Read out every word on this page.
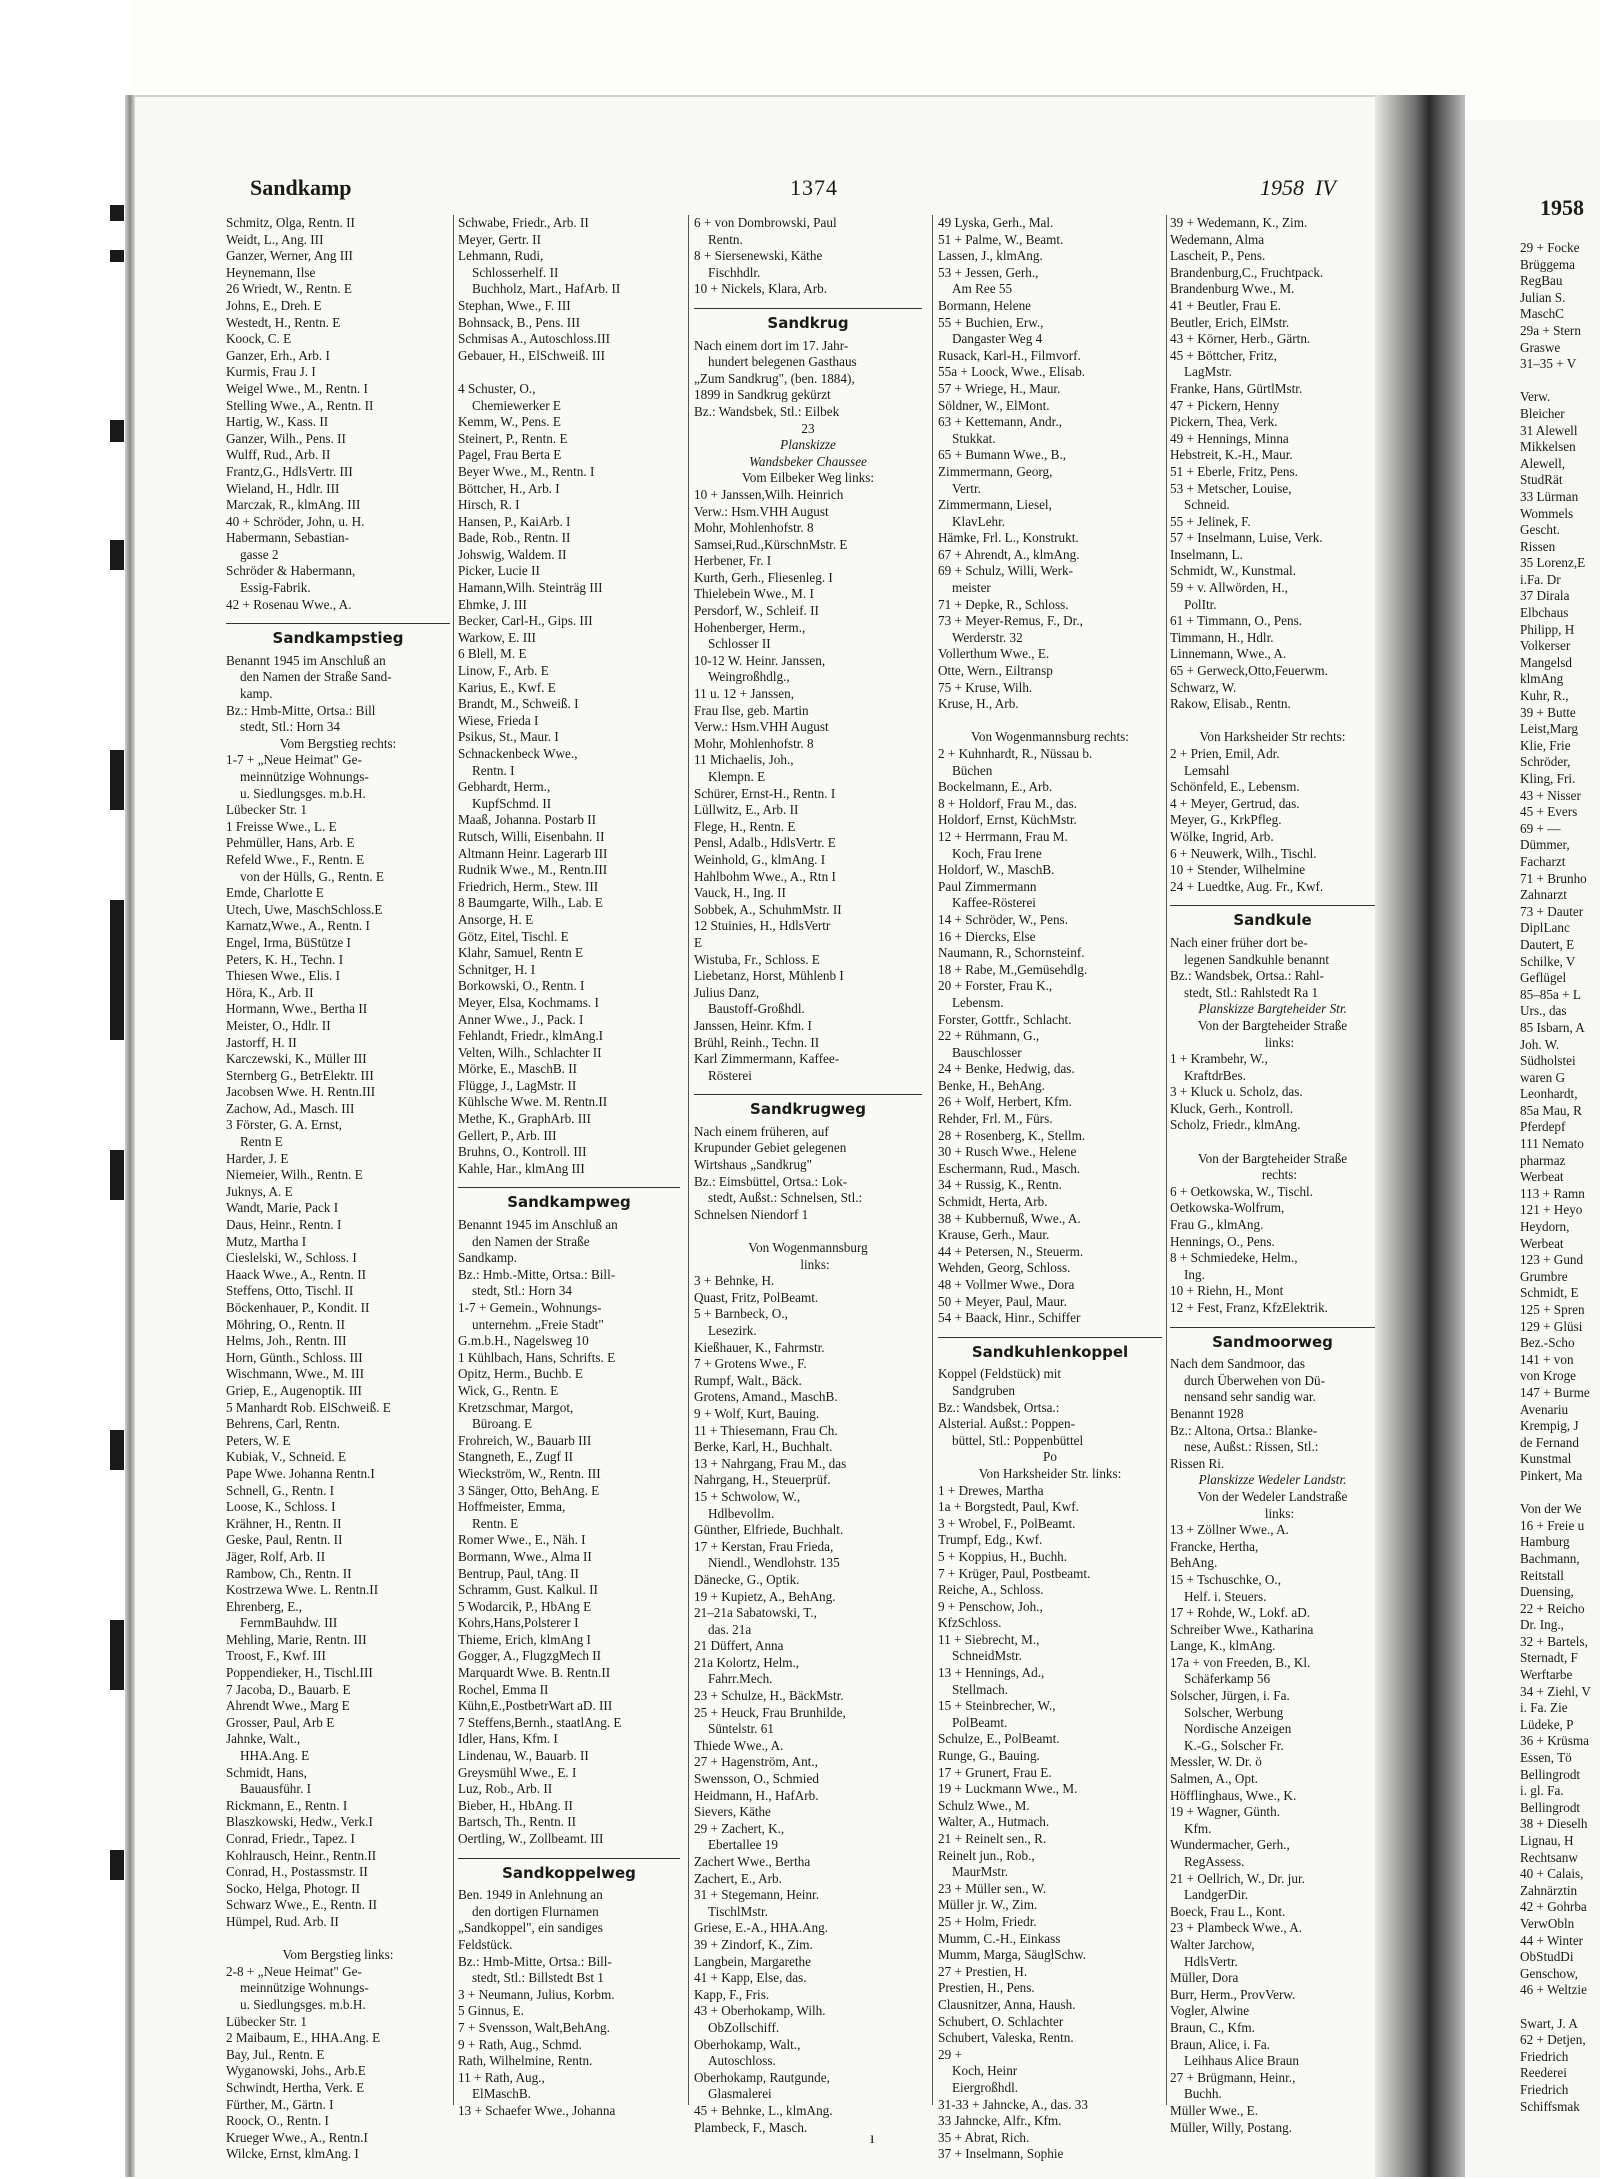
Sandkamp	1374	1958 IV
Schmitz, Olga, Rentn. II
Weidt, L., Ang. III
Ganzer, Werner, Ang III
Heynemann, Ilse
26 Wriedt, W., Rentn. E
Johns, E., Dreh. E
Westedt, H., Rentn. E
Koock, C. E
Ganzer, Erh., Arb. I
Kurmis, Frau J. I
Weigel Wwe., M., Rentn. I
Stelling Wwe., A., Rentn. II
Hartig, W., Kass. II
Ganzer, Wilh., Pens. II
Wulff, Rud., Arb. II
Frantz,G., HdlsVertr. III
Wieland, H., Hdlr. III
Marczak, R., klmAng. III
40 + Schröder, John, u. H.
Habermann, Sebastian-
gasse 2
Schröder & Habermann,
Essig-Fabrik.
42 + Rosenau Wwe., A.
Sandkampstieg
Benannt 1945 im Anschluß an
den Namen der Straße Sand-
kamp.
Bz.: Hmb-Mitte, Ortsa.: Bill
stedt, Stl.: Horn 34
Vom Bergstieg rechts:
1-7 + „Neue Heimat" Ge-
meinnützige Wohnungs-
u. Siedlungsges. m.b.H.
Lübecker Str. 1
1 Freisse Wwe., L. E
Pehmüller, Hans, Arb. E
Refeld Wwe., F., Rentn. E
von der Hülls, G., Rentn. E
Emde, Charlotte E
Utech, Uwe, MaschSchloss.E
Karnatz,Wwe., A., Rentn. I
Engel, Irma, BüStütze I
Peters, K. H., Techn. I
Thiesen Wwe., Elis. I
Höra, K., Arb. II
Hormann, Wwe., Bertha II
Meister, O., Hdlr. II
Jastorff, H. II
Karczewski, K., Müller III
Sternberg G., BetrElektr. III
Jacobsen Wwe. H. Rentn.III
Zachow, Ad., Masch. III
3 Förster, G. A. Ernst,
Rentn E
Harder, J. E
Niemeier, Wilh., Rentn. E
Juknys, A. E
Wandt, Marie, Pack I
Daus, Heinr., Rentn. I
Mutz, Martha I
Cieslelski, W., Schloss. I
Haack Wwe., A., Rentn. II
Steffens, Otto, Tischl. II
Böckenhauer, P., Kondit. II
Möhring, O., Rentn. II
Helms, Joh., Rentn. III
Horn, Günth., Schloss. III
Wischmann, Wwe., M. III
Griep, E., Augenoptik. III
5 Manhardt Rob. ElSchweiß. E
Behrens, Carl, Rentn.
Peters, W. E
Kubiak, V., Schneid. E
Pape Wwe. Johanna Rentn.I
Schnell, G., Rentn. I
Loose, K., Schloss. I
Krähner, H., Rentn. II
Geske, Paul, Rentn. II
Jäger, Rolf, Arb. II
Rambow, Ch., Rentn. II
Kostrzewa Wwe. L. Rentn.II
Ehrenberg, E.,
FernmBauhdw. III
Mehling, Marie, Rentn. III
Troost, F., Kwf. III
Poppendieker, H., Tischl.III
7 Jacoba, D., Bauarb. E
Ahrendt Wwe., Marg E
Grosser, Paul, Arb E
Jahnke, Walt.,
HHA.Ang. E
Schmidt, Hans,
Bauausführ. I
Rickmann, E., Rentn. I
Blaszkowski, Hedw., Verk.I
Conrad, Friedr., Tapez. I
Kohlrausch, Heinr., Rentn.II
Conrad, H., Postassmstr. II
Socko, Helga, Photogr. II
Schwarz Wwe., E., Rentn. II
Hümpel, Rud. Arb. II

Vom Bergstieg links:
2-8 + „Neue Heimat" Ge-
meinnützige Wohnungs-
u. Siedlungsges. m.b.H.
Lübecker Str. 1
2 Maibaum, E., HHA.Ang. E
Bay, Jul., Rentn. E
Wyganowski, Johs., Arb.E
Schwindt, Hertha, Verk. E
Fürther, M., Gärtn. I
Roock, O., Rentn. I
Krueger Wwe., A., Rentn.I
Wilcke, Ernst, klmAng. I
Schwabe, Friedr., Arb. II
Meyer, Gertr. II
Lehmann, Rudi,
Schlosserhelf. II
Buchholz, Mart., HafArb. II
Stephan, Wwe., F. III
Bohnsack, B., Pens. III
Schmisas A., Autoschloss.III
Gebauer, H., ElSchweiß. III

4 Schuster, O.,
Chemiewerker E
Kemm, W., Pens. E
Steinert, P., Rentn. E
Pagel, Frau Berta E
Beyer Wwe., M., Rentn. I
Böttcher, H., Arb. I
Hirsch, R. I
Hansen, P., KaiArb. I
Bade, Rob., Rentn. II
Johswig, Waldem. II
Picker, Lucie II
Hamann,Wilh. Steinträg III
Ehmke, J. III
Becker, Carl-H., Gips. III
Warkow, E. III
6 Blell, M. E
Linow, F., Arb. E
Karius, E., Kwf. E
Brandt, M., Schweiß. I
Wiese, Frieda I
Psikus, St., Maur. I
Schnackenbeck Wwe.,
Rentn. I
Gebhardt, Herm.,
KupfSchmd. II
Maaß, Johanna. Postarb II
Rutsch, Willi, Eisenbahn. II
Altmann Heinr. Lagerarb III
Rudnik Wwe., M., Rentn.III
Friedrich, Herm., Stew. III
8 Baumgarte, Wilh., Lab. E
Ansorge, H. E
Götz, Eitel, Tischl. E
Klahr, Samuel, Rentn E
Schnitger, H. I
Borkowski, O., Rentn. I
Meyer, Elsa, Kochmams. I
Anner Wwe., J., Pack. I
Fehlandt, Friedr., klmAng.I
Velten, Wilh., Schlachter II
Mörke, E., MaschB. II
Flügge, J., LagMstr. II
Kühlsche Wwe. M. Rentn.II
Methe, K., GraphArb. III
Gellert, P., Arb. III
Bruhns, O., Kontroll. III
Kahle, Har., klmAng III
Sandkampweg
Benannt 1945 im Anschluß an
den Namen der Straße
Sandkamp.
Bz.: Hmb.-Mitte, Ortsa.: Bill-
stedt, Stl.: Horn 34
1-7 + Gemein., Wohnungs-
unternehm. „Freie Stadt"
G.m.b.H., Nagelsweg 10
1 Kühlbach, Hans, Schrifts. E
Opitz, Herm., Buchb. E
Wick, G., Rentn. E
Kretzschmar, Margot,
Büroang. E
Frohreich, W., Bauarb III
Stangneth, E., Zugf II
Wieckström, W., Rentn. III
3 Sänger, Otto, BehAng. E
Hoffmeister, Emma,
Rentn. E
Romer Wwe., E., Näh. I
Bormann, Wwe., Alma II
Bentrup, Paul, tAng. II
Schramm, Gust. Kalkul. II
5 Wodarcik, P., HbAng E
Kohrs,Hans,Polsterer I
Thieme, Erich, klmAng I
Gogger, A., FlugzgMech II
Marquardt Wwe. B. Rentn.II
Rochel, Emma II
Kühn,E.,PostbetrWart aD. III
7 Steffens,Bernh., staatlAng. E
Idler, Hans, Kfm. I
Lindenau, W., Bauarb. II
Greysmühl Wwe., E. I
Luz, Rob., Arb. II
Bieber, H., HbAng. II
Bartsch, Th., Rentn. II
Oertling, W., Zollbeamt. III
Sandkoppelweg
Ben. 1949 in Anlehnung an
den dortigen Flurnamen
„Sandkoppel", ein sandiges
Feldstück.
Bz.: Hmb-Mitte, Ortsa.: Bill-
stedt, Stl.: Billstedt Bst 1
3 + Neumann, Julius, Korbm.
5 Ginnus, E.
7 + Svensson, Walt,BehAng.
9 + Rath, Aug., Schmd.
Rath, Wilhelmine, Rentn.
11 + Rath, Aug.,
ElMaschB.
13 + Schaefer Wwe., Johanna
6 + von Dombrowski, Paul
Rentn.
8 + Siersenewski, Käthe
Fischhdlr.
10 + Nickels, Klara, Arb.
Sandkrug
Nach einem dort im 17. Jahr-
hundert belegenen Gasthaus
„Zum Sandkrug", (ben. 1884),
1899 in Sandkrug gekürzt
Bz.: Wandsbek, Stl.: Eilbek
23
Planskizze
Wandsbeker Chaussee
Vom Eilbeker Weg links:
10 + Janssen,Wilh. Heinrich
Verw.: Hsm.VHH August
Mohr, Mohlenhofstr. 8
Samsei,Rud.,KürschnMstr. E
Herbener, Fr. I
Kurth, Gerh., Fliesenleg. I
Thielebein Wwe., M. I
Persdorf, W., Schleif. II
Hohenberger, Herm.,
Schlosser II
10-12 W. Heinr. Janssen,
Weingroßhdlg.,
11 u. 12 + Janssen,
Frau Ilse, geb. Martin
Verw.: Hsm.VHH August
Mohr, Mohlenhofstr. 8
11 Michaelis, Joh.,
Klempn. E
Schürer, Ernst-H., Rentn. I
Lüllwitz, E., Arb. II
Flege, H., Rentn. E
Pensl, Adalb., HdlsVertr. E
Weinhold, G., klmAng. I
Hahlbohm Wwe., A., Rtn I
Vauck, H., Ing. II
Sobbek, A., SchuhmMstr. II
12 Stuinies, H., HdlsVertr
E
Wistuba, Fr., Schloss. E
Liebetanz, Horst, Mühlenb I
Julius Danz,
Baustoff-Großhdl.
Janssen, Heinr. Kfm. I
Brühl, Reinh., Techn. II
Karl Zimmermann, Kaffee-
Rösterei
Sandkrugweg
Nach einem früheren, auf
Krupunder Gebiet gelegenen
Wirtshaus „Sandkrug"
Bz.: Eimsbüttel, Ortsa.: Lok-
stedt, Außst.: Schnelsen, Stl.:
Schnelsen Niendorf 1

Von Wogenmannsburg
links:
3 + Behnke, H.
Quast, Fritz, PolBeamt.
5 + Barnbeck, O.,
Lesezirk.
Kießhauer, K., Fahrmstr.
7 + Grotens Wwe., F.
Rumpf, Walt., Bäck.
Grotens, Amand., MaschB.
9 + Wolf, Kurt, Bauing.
11 + Thiesemann, Frau Ch.
Berke, Karl, H., Buchhalt.
13 + Nahrgang, Frau M., das
Nahrgang, H., Steuerprüf.
15 + Schwolow, W.,
Hdlbevollm.
Günther, Elfriede, Buchhalt.
17 + Kerstan, Frau Frieda,
Niendl., Wendlohstr. 135
Dänecke, G., Optik.
19 + Kupietz, A., BehAng.
21–21a Sabatowski, T.,
das. 21a
21 Düffert, Anna
21a Kolortz, Helm.,
Fahrr.Mech.
23 + Schulze, H., BäckMstr.
25 + Heuck, Frau Brunhilde,
Süntelstr. 61
Thiede Wwe., A.
27 + Hagenström, Ant.,
Swensson, O., Schmied
Heidmann, H., HafArb.
Sievers, Käthe
29 + Zachert, K.,
Ebertallee 19
Zachert Wwe., Bertha
Zachert, E., Arb.
31 + Stegemann, Heinr.
TischlMstr.
Griese, E.-A., HHA.Ang.
39 + Zindorf, K., Zim.
Langbein, Margarethe
41 + Kapp, Else, das.
Kapp, F., Fris.
43 + Oberhokamp, Wilh.
ObZollschiff.
Oberhokamp, Walt.,
Autoschloss.
Oberhokamp, Rautgunde,
Glasmalerei
45 + Behnke, L., klmAng.
Plambeck, F., Masch.
49 Lyska, Gerh., Mal.
51 + Palme, W., Beamt.
Lassen, J., klmAng.
53 + Jessen, Gerh.,
Am Ree 55
Bormann, Helene
55 + Buchien, Erw.,
Dangaster Weg 4
Rusack, Karl-H., Filmvorf.
55a + Loock, Wwe., Elisab.
57 + Wriege, H., Maur.
Söldner, W., ElMont.
63 + Kettemann, Andr.,
Stukkat.
65 + Bumann Wwe., B.,
Zimmermann, Georg,
Vertr.
Zimmermann, Liesel,
KlavLehr.
Hämke, Frl. L., Konstrukt.
67 + Ahrendt, A., klmAng.
69 + Schulz, Willi, Werk-
meister
71 + Depke, R., Schloss.
73 + Meyer-Remus, F., Dr.,
Werderstr. 32
Vollerthum Wwe., E.
Otte, Wern., Eiltransp
75 + Kruse, Wilh.
Kruse, H., Arb.

Von Wogenmannsburg rechts:
2 + Kuhnhardt, R., Nüssau b.
Büchen
Bockelmann, E., Arb.
8 + Holdorf, Frau M., das.
Holdorf, Ernst, KüchMstr.
12 + Herrmann, Frau M.
Koch, Frau Irene
Holdorf, W., MaschB.
Paul Zimmermann
Kaffee-Rösterei
14 + Schröder, W., Pens.
16 + Diercks, Else
Naumann, R., Schornsteinf.
18 + Rabe, M.,Gemüsehdlg.
20 + Forster, Frau K.,
Lebensm.
Forster, Gottfr., Schlacht.
22 + Rühmann, G.,
Bauschlosser
24 + Benke, Hedwig, das.
Benke, H., BehAng.
26 + Wolf, Herbert, Kfm.
Rehder, Frl. M., Fürs.
28 + Rosenberg, K., Stellm.
30 + Rusch Wwe., Helene
Eschermann, Rud., Masch.
34 + Russig, K., Rentn.
Schmidt, Herta, Arb.
38 + Kubbernuß, Wwe., A.
Krause, Gerh., Maur.
44 + Petersen, N., Steuerm.
Wehden, Georg, Schloss.
48 + Vollmer Wwe., Dora
50 + Meyer, Paul, Maur.
54 + Baack, Hinr., Schiffer
Sandkuhlenkoppel
Koppel (Feldstück) mit
Sandgruben
Bz.: Wandsbek, Ortsa.:
Alsterial. Außst.: Poppen-
büttel, Stl.: Poppenbüttel
Po
Von Harksheider Str. links:
1 + Drewes, Martha
1a + Borgstedt, Paul, Kwf.
3 + Wrobel, F., PolBeamt.
Trumpf, Edg., Kwf.
5 + Koppius, H., Buchh.
7 + Krüger, Paul, Postbeamt.
Reiche, A., Schloss.
9 + Penschow, Joh.,
KfzSchloss.
11 + Siebrecht, M.,
SchneidMstr.
13 + Hennings, Ad.,
Stellmach.
15 + Steinbrecher, W.,
PolBeamt.
Schulze, E., PolBeamt.
Runge, G., Bauing.
17 + Grunert, Frau E.
19 + Luckmann Wwe., M.
Schulz Wwe., M.
Walter, A., Hutmach.
21 + Reinelt sen., R.
Reinelt jun., Rob.,
MaurMstr.
23 + Müller sen., W.
Müller jr. W., Zim.
25 + Holm, Friedr.
Mumm, C.-H., Einkass
Mumm, Marga, SäuglSchw.
27 + Prestien, H.
Prestien, H., Pens.
Clausnitzer, Anna, Haush.
Schubert, O. Schlachter
Schubert, Valeska, Rentn.
29 +
Koch, Heinr
Eiergroßhdl.
31-33 + Jahncke, A., das. 33
33 Jahncke, Alfr., Kfm.
35 + Abrat, Rich.
37 + Inselmann, Sophie
39 + Wedemann, K., Zim.
Wedemann, Alma
Lascheit, P., Pens.
Brandenburg,C., Fruchtpack.
Brandenburg Wwe., M.
41 + Beutler, Frau E.
Beutler, Erich, ElMstr.
43 + Körner, Herb., Gärtn.
45 + Böttcher, Fritz,
LagMstr.
Franke, Hans, GürtlMstr.
47 + Pickern, Henny
Pickern, Thea, Verk.
49 + Hennings, Minna
Hebstreit, K.-H., Maur.
51 + Eberle, Fritz, Pens.
53 + Metscher, Louise,
Schneid.
55 + Jelinek, F.
57 + Inselmann, Luise, Verk.
Inselmann, L.
Schmidt, W., Kunstmal.
59 + v. Allwörden, H.,
PolItr.
61 + Timmann, O., Pens.
Timmann, H., Hdlr.
Linnemann, Wwe., A.
65 + Gerweck,Otto,Feuerwm.
Schwarz, W.
Rakow, Elisab., Rentn.

Von Harksheider Str rechts:
2 + Prien, Emil, Adr.
Lemsahl
Schönfeld, E., Lebensm.
4 + Meyer, Gertrud, das.
Meyer, G., KrkPfleg.
Wölke, Ingrid, Arb.
6 + Neuwerk, Wilh., Tischl.
10 + Stender, Wilhelmine
24 + Luedtke, Aug. Fr., Kwf.
Sandkule
Nach einer früher dort be-
legenen Sandkuhle benannt
Bz.: Wandsbek, Ortsa.: Rahl-
stedt, Stl.: Rahlstedt Ra 1
Planskizze Bargteheider Str.
Von der Bargteheider Straße
links:
1 + Krambehr, W.,
KraftdrBes.
3 + Kluck u. Scholz, das.
Kluck, Gerh., Kontroll.
Scholz, Friedr., klmAng.

Von der Bargteheider Straße
rechts:
6 + Oetkowska, W., Tischl.
Oetkowska-Wolfrum,
Frau G., klmAng.
Hennings, O., Pens.
8 + Schmiedeke, Helm.,
Ing.
10 + Riehn, H., Mont
12 + Fest, Franz, KfzElektrik.
Sandmoorweg
Nach dem Sandmoor, das
durch Überwehen von Dü-
nensand sehr sandig war.
Benannt 1928
Bz.: Altona, Ortsa.: Blanke-
nese, Außst.: Rissen, Stl.:
Rissen Ri.
Planskizze Wedeler Landstr.
Von der Wedeler Landstraße
links:
13 + Zöllner Wwe., A.
Francke, Hertha,
BehAng.
15 + Tschuschke, O.,
Helf. i. Steuers.
17 + Rohde, W., Lokf. aD.
Schreiber Wwe., Katharina
Lange, K., klmAng.
17a + von Freeden, B., Kl.
Schäferkamp 56
Solscher, Jürgen, i. Fa.
Solscher, Werbung
Nordische Anzeigen
K.-G., Solscher Fr.
Messler, W. Dr. ö
Salmen, A., Opt.
Höfflinghaus, Wwe., K.
19 + Wagner, Günth.
Kfm.
Wundermacher, Gerh.,
RegAssess.
21 + Oellrich, W., Dr. jur.
LandgerDir.
Boeck, Frau L., Kont.
23 + Plambeck Wwe., A.
Walter Jarchow,
HdlsVertr.
Müller, Dora
Burr, Herm., ProvVerw.
Vogler, Alwine
Braun, C., Kfm.
Braun, Alice, i. Fa.
Leihhaus Alice Braun
27 + Brügmann, Heinr.,
Buchh.
Müller Wwe., E.
Müller, Willy, Postang.
1958
29 + Focke
Brüggema
RegBau
Julian S.
MaschC
29a + Stern
Graswe
31–35 + V

Verw.
Bleicher
31 Alewell
Mikkelsen
Alewell,
StudRät
33 Lürman
Wommels
Gescht.
Rissen
35 Lorenz,E
i.Fa. Dr
37 Dirala
Elbchaus
Philipp, H
Volkerser
Mangelsd
klmAng
Kuhr, R.,
39 + Butte
Leist,Marg
Klie, Frie
Schröder,
Kling, Fri.
43 + Nisser
45 + Evers
69 + —
Dümmer,
Facharzt
71 + Brunho
Zahnarzt
73 + Dauter
DiplLanc
Dautert, E
Schilke, V
Geflügel
85–85a + L
Urs., das
85 Isbarn, A
Joh. W.
Südholstei
waren G
Leonhardt,
85a Mau, R
Pferdepf
111 Nemato
pharmaz
Werbeat
113 + Ramn
121 + Heyo
Heydorn,
Werbeat
123 + Gund
Grumbre
Schmidt, E
125 + Spren
129 + Glüsi
Bez.-Scho
141 + von
von Kroge
147 + Burme
Avenariu
Krempig, J
de Fernand
Kunstmal
Pinkert, Ma

Von der We
16 + Freie u
Hamburg
Bachmann,
Reitstall
Duensing,
22 + Reicho
Dr. Ing.,
32 + Bartels,
Sternadt, F
Werftarbe
34 + Ziehl, V
i. Fa. Zie
Lüdeke, P
36 + Krüsma
Essen, Tö
Bellingrodt
i. gl. Fa.
Bellingrodt
38 + Dieselh
Lignau, H
Rechtsanw
40 + Calais,
Zahnärztin
42 + Gohrba
VerwObln
44 + Winter
ObStudDi
Genschow,
46 + Weltzie

Swart, J. A
62 + Detjen,
Friedrich
Reederei
Friedrich
Schiffsmak
ı
